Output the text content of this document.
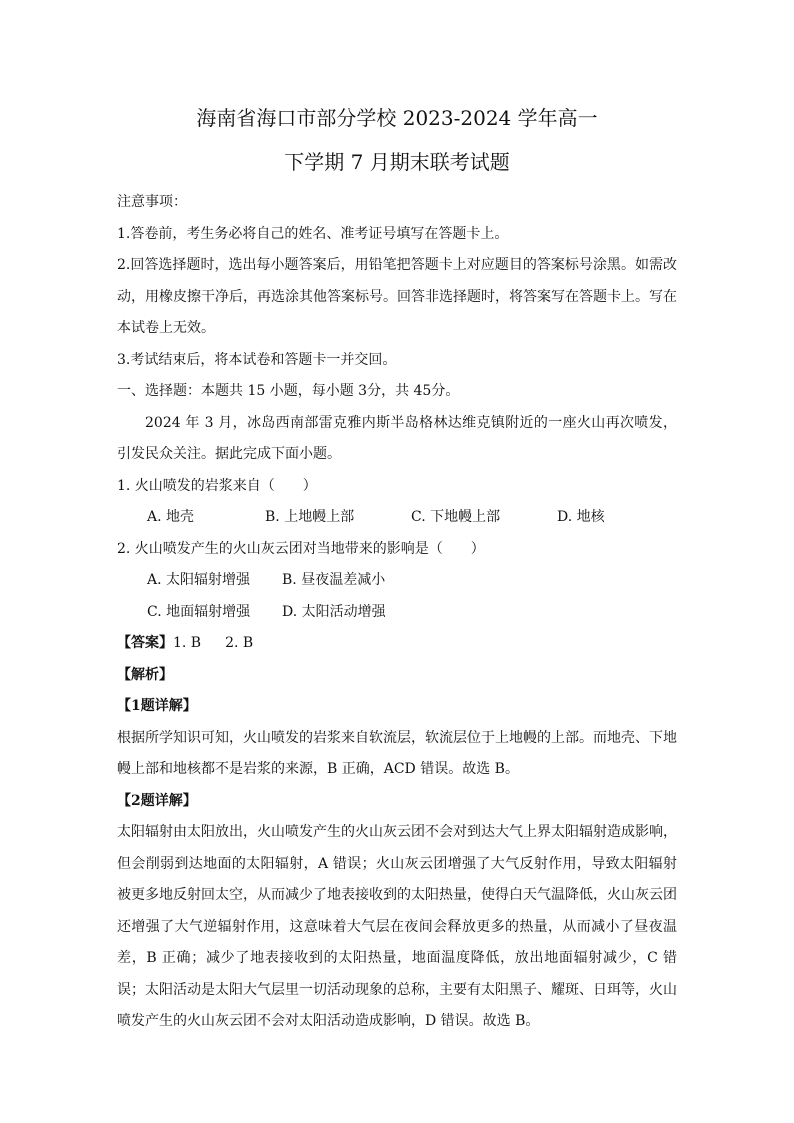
海南省海口市部分学校 2023-2024 学年高一
下学期 7 月期末联考试题
注意事项：
1.答卷前，考生务必将自己的姓名、准考证号填写在答题卡上。
2.回答选择题时，选出每小题答案后，用铅笔把答题卡上对应题目的答案标号涂黑。如需改动，用橡皮擦干净后，再选涂其他答案标号。回答非选择题时，将答案写在答题卡上。写在本试卷上无效。
3.考试结束后，将本试卷和答题卡一并交回。
一、选择题：本题共 15 小题，每小题 3分，共 45分。
2024 年 3 月，冰岛西南部雷克雅内斯半岛格林达维克镇附近的一座火山再次喷发，引发民众关注。据此完成下面小题。
1. 火山喷发的岩浆来自（　　）
A. 地壳	B. 上地幔上部	C. 下地幔上部	D. 地核
2. 火山喷发产生的火山灰云团对当地带来的影响是（　　）
A. 太阳辐射增强	B. 昼夜温差减小
C. 地面辐射增强	D. 太阳活动增强
【答案】1. B 2. B
【解析】
【1题详解】
根据所学知识可知，火山喷发的岩浆来自软流层，软流层位于上地幔的上部。而地壳、下地幔上部和地核都不是岩浆的来源，B 正确，ACD 错误。故选 B。
【2题详解】
太阳辐射由太阳放出，火山喷发产生的火山灰云团不会对到达大气上界太阳辐射造成影响，但会削弱到达地面的太阳辐射，A 错误；火山灰云团增强了大气反射作用，导致太阳辐射被更多地反射回太空，从而减少了地表接收到的太阳热量，使得白天气温降低，火山灰云团还增强了大气逆辐射作用，这意味着大气层在夜间会释放更多的热量，从而减小了昼夜温差，B 正确；减少了地表接收到的太阳热量，地面温度降低，放出地面辐射减少，C 错误；太阳活动是太阳大气层里一切活动现象的总称，主要有太阳黑子、耀斑、日珥等，火山喷发产生的火山灰云团不会对太阳活动造成影响，D 错误。故选 B。
